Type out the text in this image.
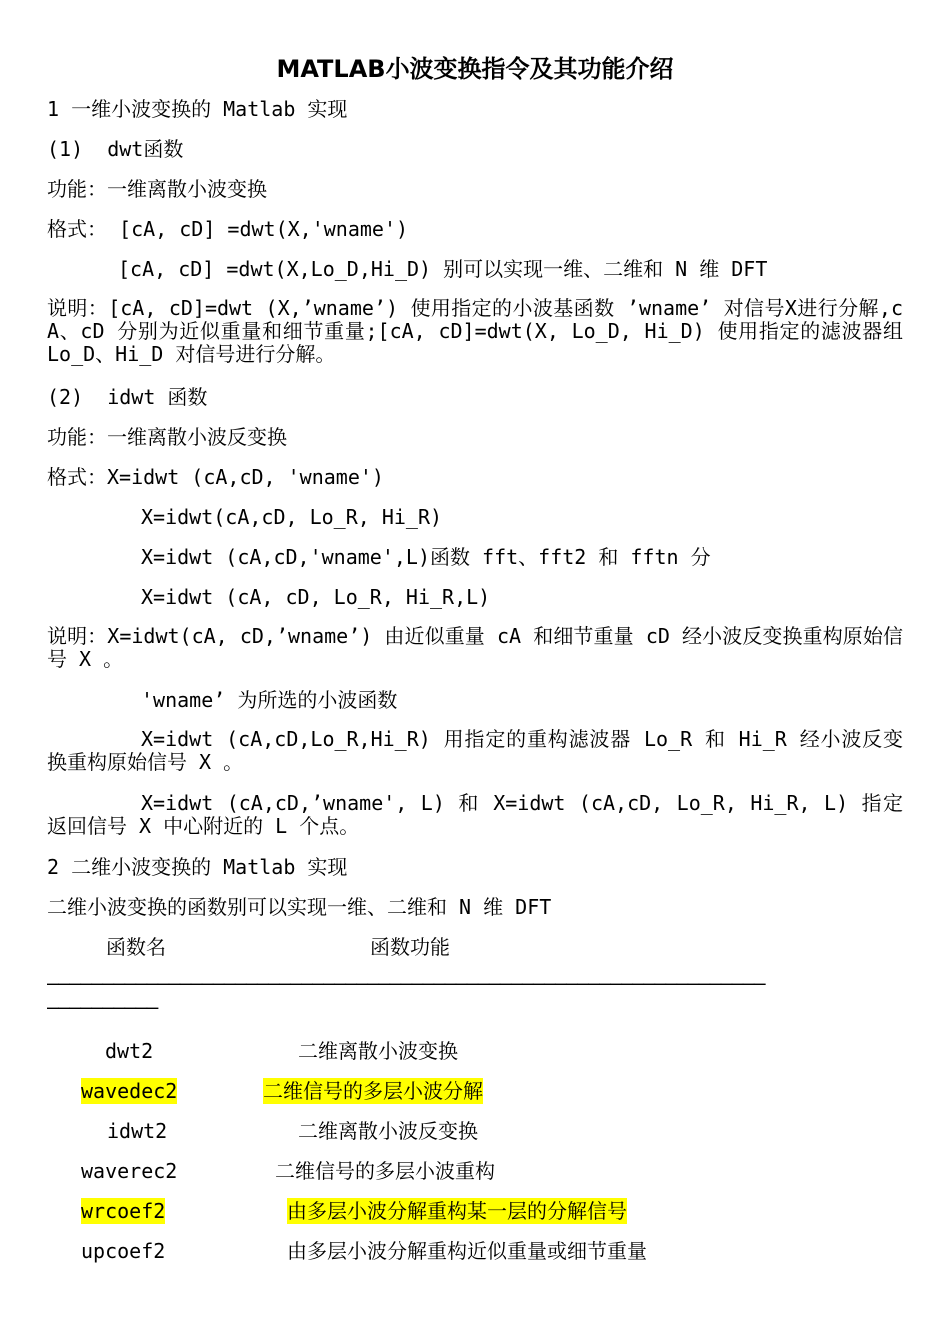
MATLAB小波变换指令及其功能介绍
1 一维小波变换的 Matlab 实现
(1)  dwt函数
功能：一维离散小波变换
格式： [cA, cD] =dwt(X,'wname')
[cA, cD] =dwt(X,Lo_D,Hi_D) 别可以实现一维、二维和 N 维 DFT
说明：[cA, cD]=dwt (X,’wname’) 使用指定的小波基函数 ’wname’ 对信号X进行分解,cA、cD 分别为近似重量和细节重量;[cA, cD]=dwt(X, Lo_D, Hi_D) 使用指定的滤波器组 Lo_D、Hi_D 对信号进行分解。
(2)  idwt 函数
功能：一维离散小波反变换
格式：X=idwt (cA,cD, 'wname')
X=idwt(cA,cD, Lo_R, Hi_R)
X=idwt (cA,cD,'wname',L)函数 fft、fft2 和 fftn 分
X=idwt (cA, cD, Lo_R, Hi_R,L)
说明：X=idwt(cA, cD,’wname’) 由近似重量 cA 和细节重量 cD 经小波反变换重构原始信号 X 。
'wname’ 为所选的小波函数
X=idwt (cA,cD,Lo_R,Hi_R) 用指定的重构滤波器 Lo_R 和 Hi_R 经小波反变换重构原始信号 X 。
X=idwt (cA,cD,’wname', L) 和 X=idwt (cA,cD, Lo_R, Hi_R, L) 指定返回信号 X 中心附近的 L 个点。
2 二维小波变换的 Matlab 实现
二维小波变换的函数别可以实现一维、二维和 N 维 DFT
函数名	函数功能
—————————————————————————————————————————————————————————————————
——————————
dwt2	二维离散小波变换
wavedec2	二维信号的多层小波分解
idwt2	二维离散小波反变换
waverec2	二维信号的多层小波重构
wrcoef2	由多层小波分解重构某一层的分解信号
upcoef2	由多层小波分解重构近似重量或细节重量
